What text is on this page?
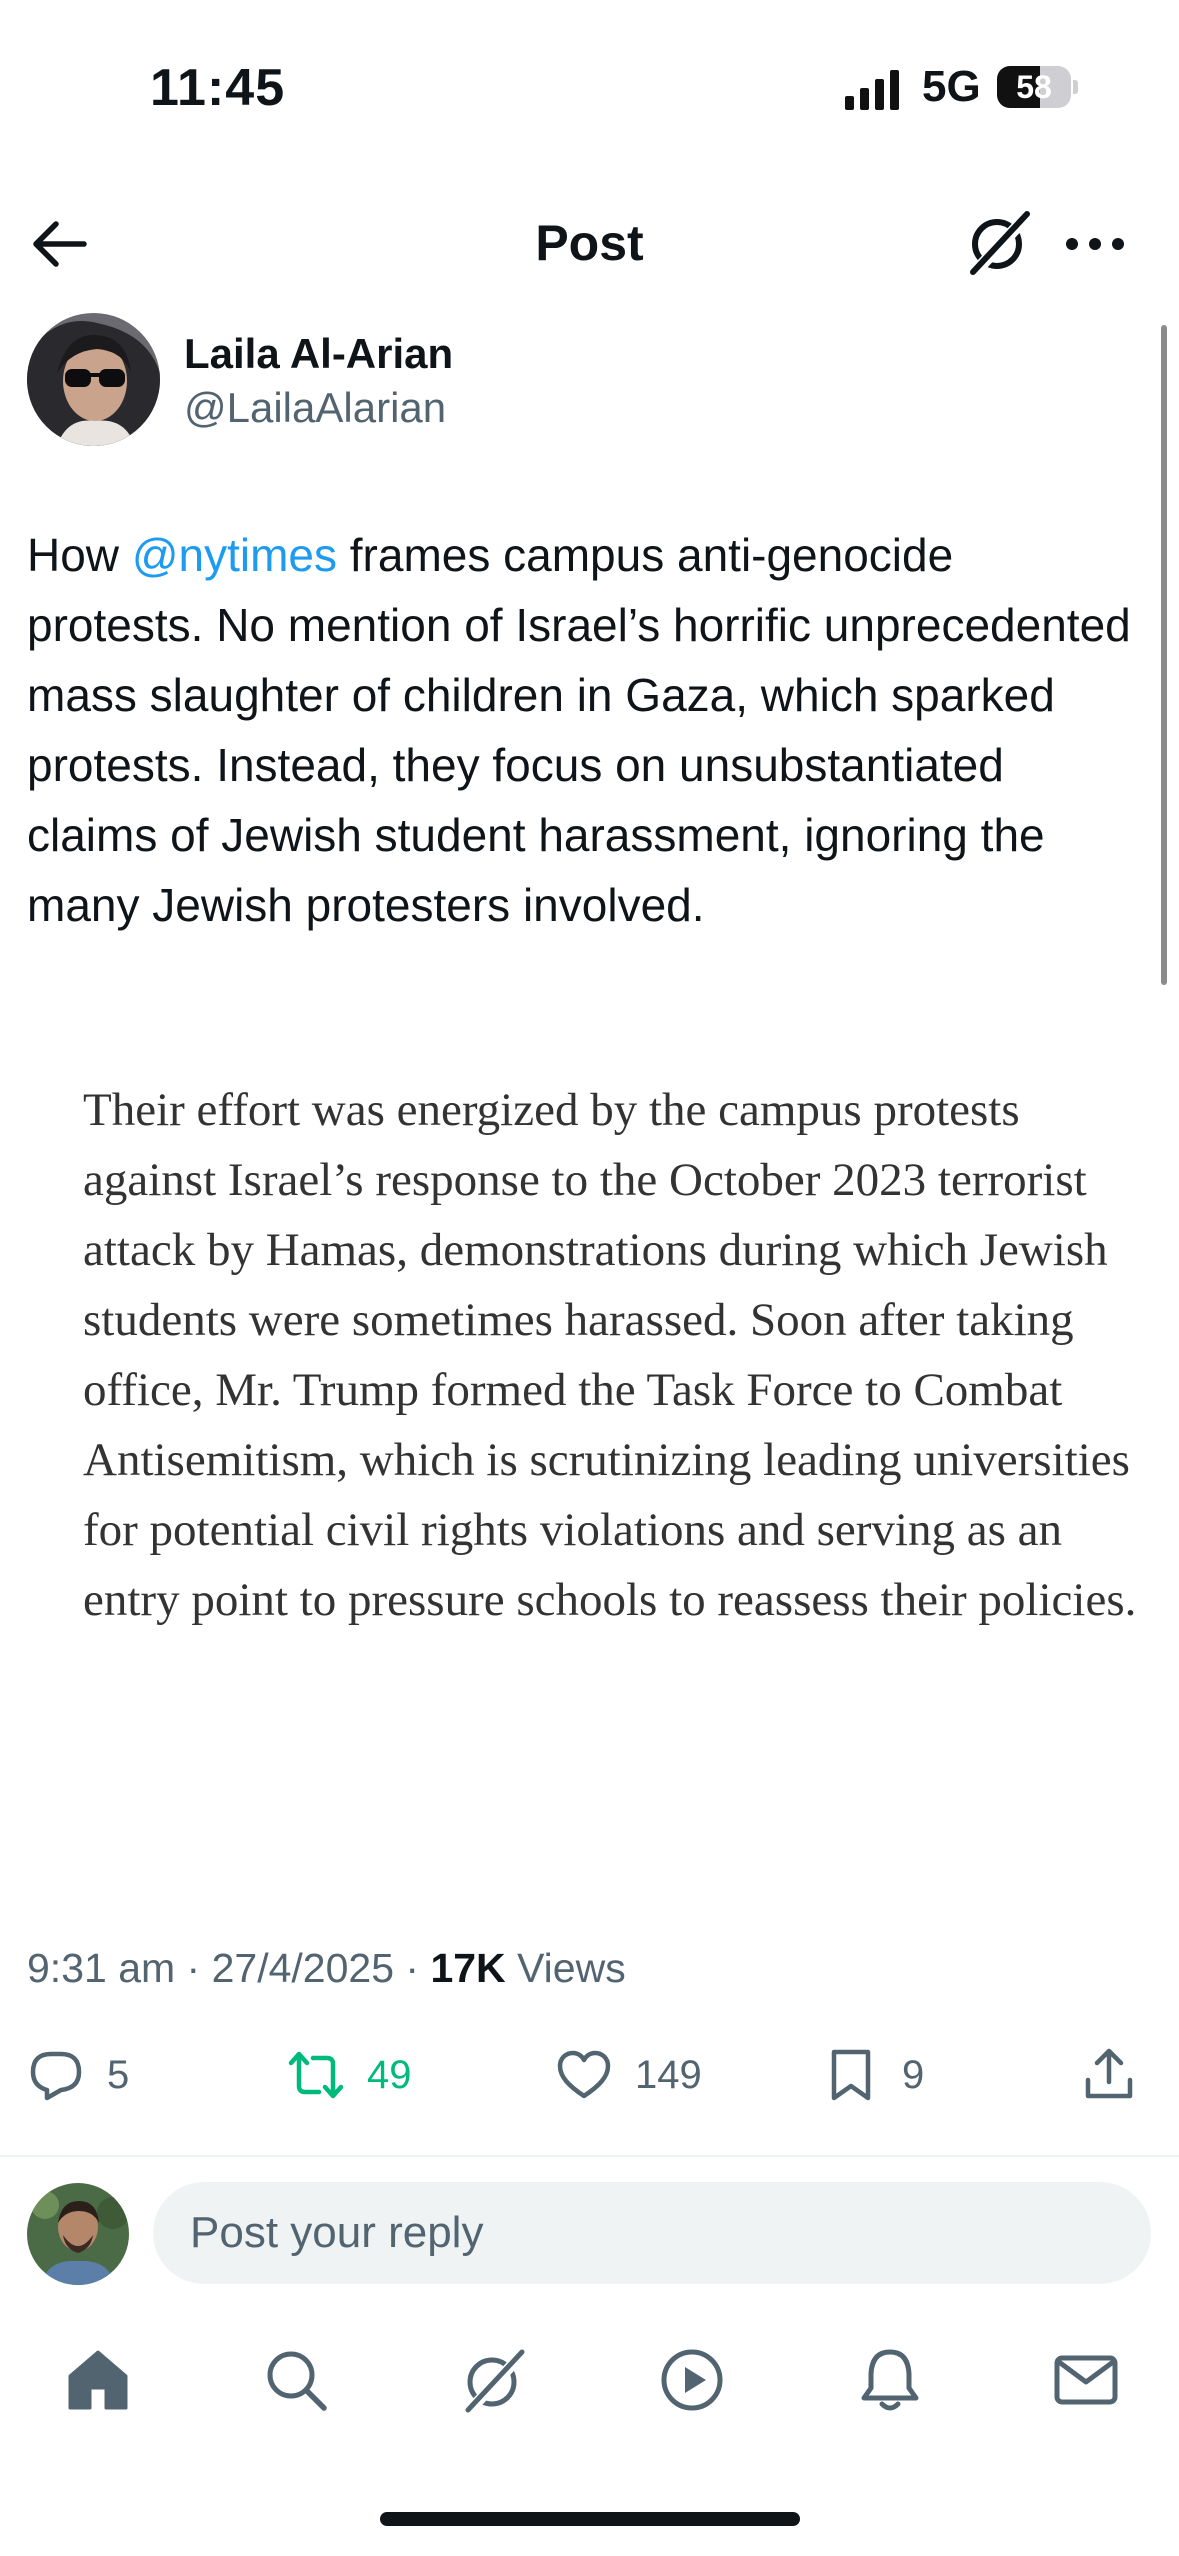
11:45	5G	58
Post
Laila Al-Arian
@LailaAlarian
How @nytimes frames campus anti-genocide protests. No mention of Israel’s horrific unprecedented mass slaughter of children in Gaza, which sparked protests. Instead, they focus on unsubstantiated claims of Jewish student harassment, ignoring the many Jewish protesters involved.
Their effort was energized by the campus protests against Israel’s response to the October 2023 terrorist attack by Hamas, demonstrations during which Jewish students were sometimes harassed. Soon after taking office, Mr. Trump formed the Task Force to Combat Antisemitism, which is scrutinizing leading universities for potential civil rights violations and serving as an entry point to pressure schools to reassess their policies.
9:31 am · 27/4/2025 · 17K Views
5	49	149	9
Post your reply
